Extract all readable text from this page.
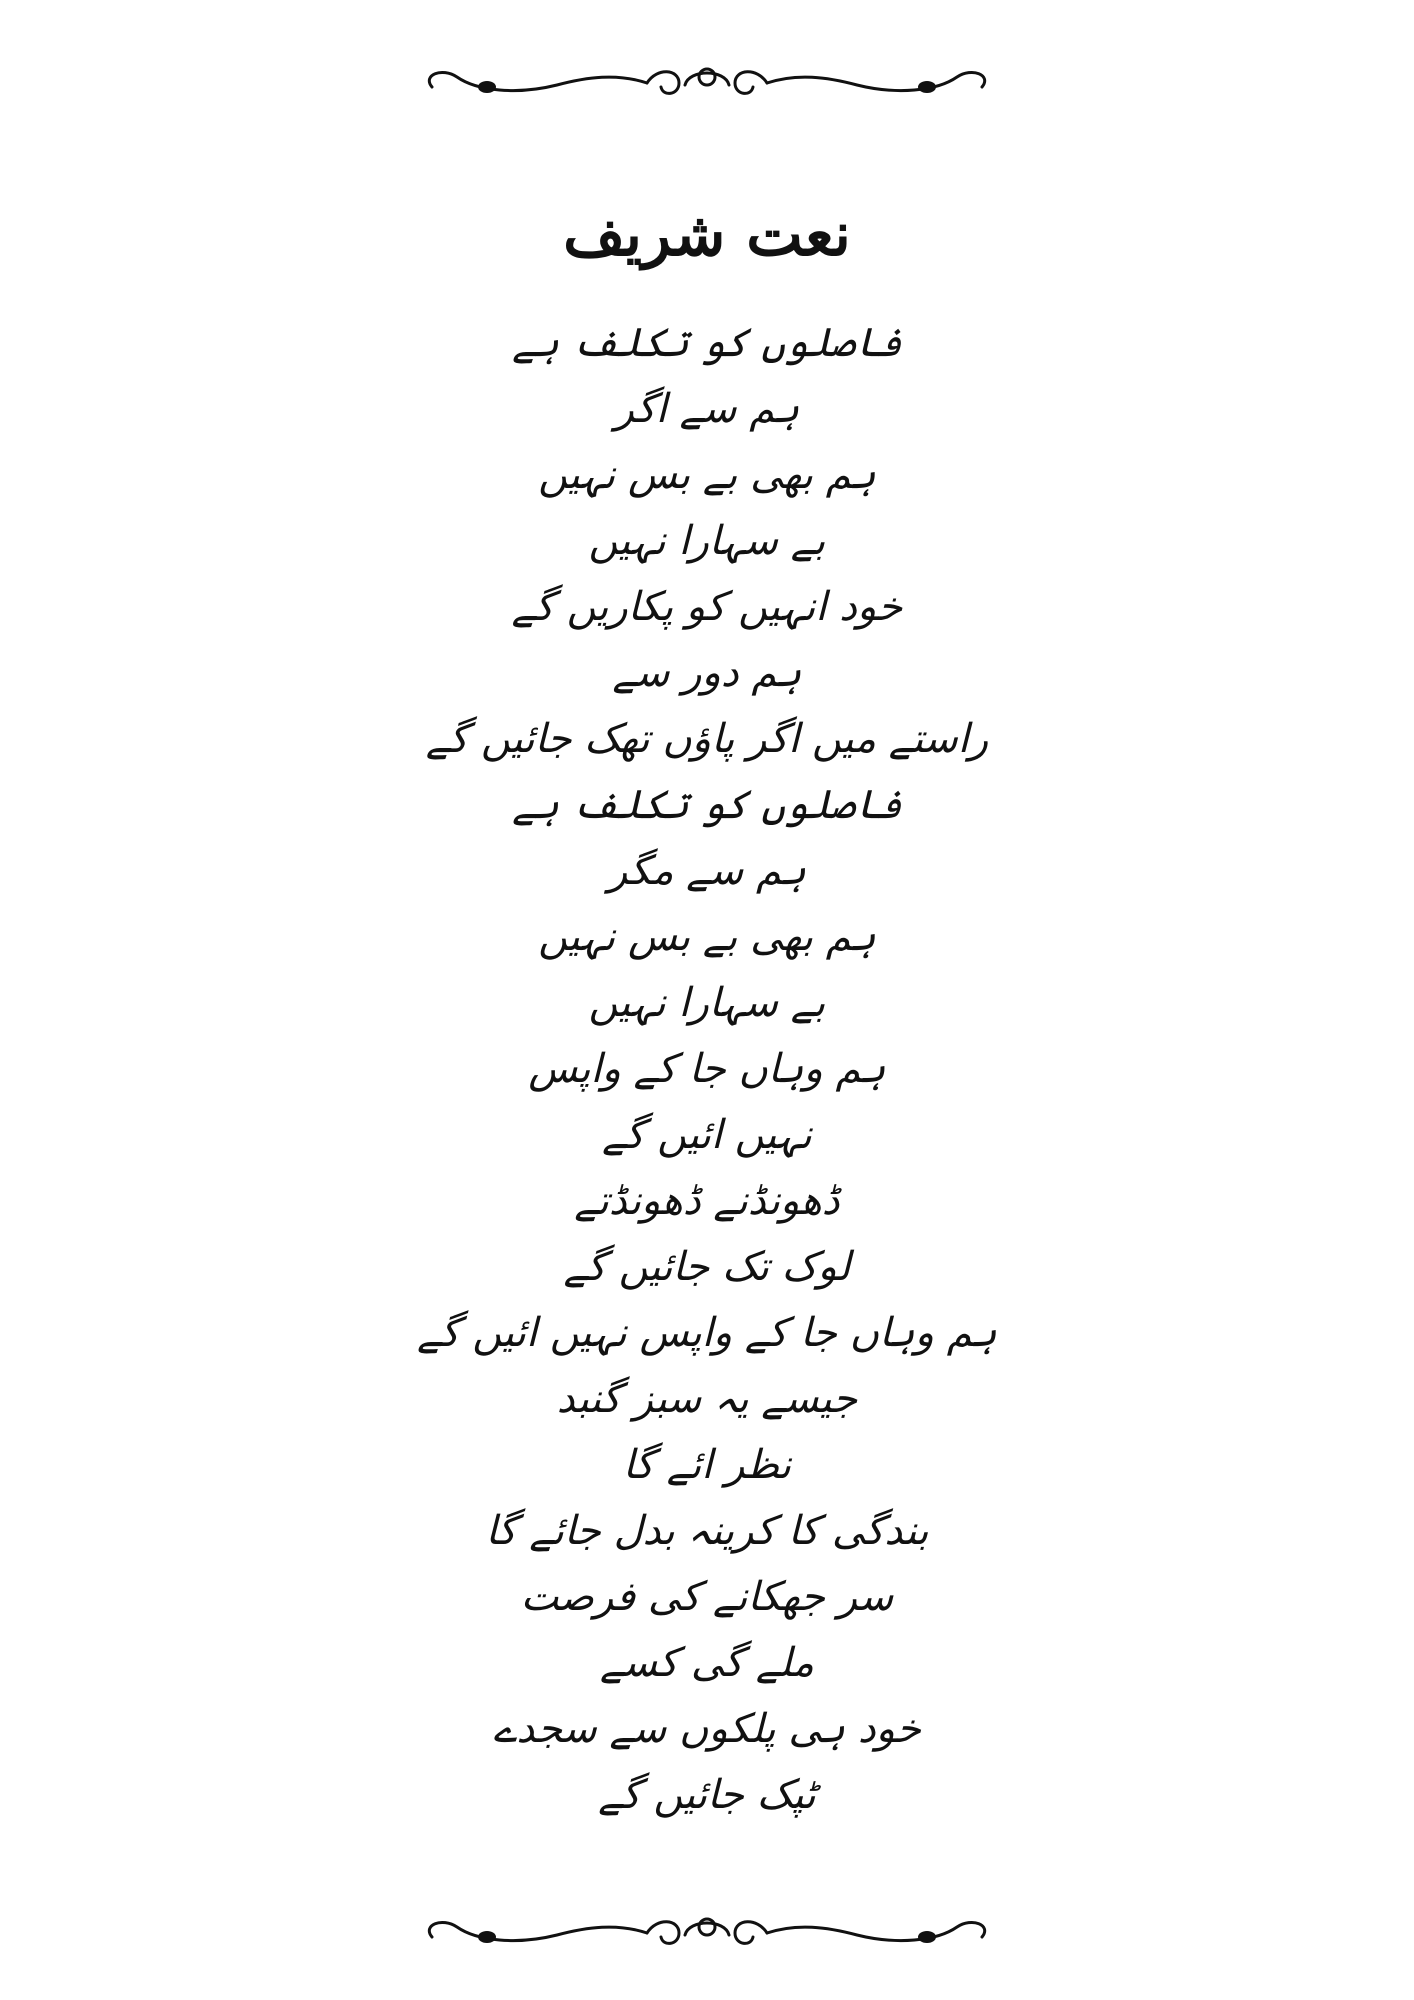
نعت شریف
فاصلوں کو تکلف ہے
ہم سے اگر
ہم بھی بے بس نہیں
بے سہارا نہیں
خود انہیں کو پکاریں گے
ہم دور سے
راستے میں اگر پاؤں تھک جائیں گے
فاصلوں کو تکلف ہے
ہم سے مگر
ہم بھی بے بس نہیں
بے سہارا نہیں
ہم وہاں جا کے واپس
نہیں ائیں گے
ڈھونڈنے ڈھونڈتے
لوک تک جائیں گے
ہم وہاں جا کے واپس نہیں ائیں گے
جیسے یہ سبز گنبد
نظر ائے گا
بندگی کا کرینہ بدل جائے گا
سر جھکانے کی فرصت
ملے گی کسے
خود ہی پلکوں سے سجدے
ٹپک جائیں گے
